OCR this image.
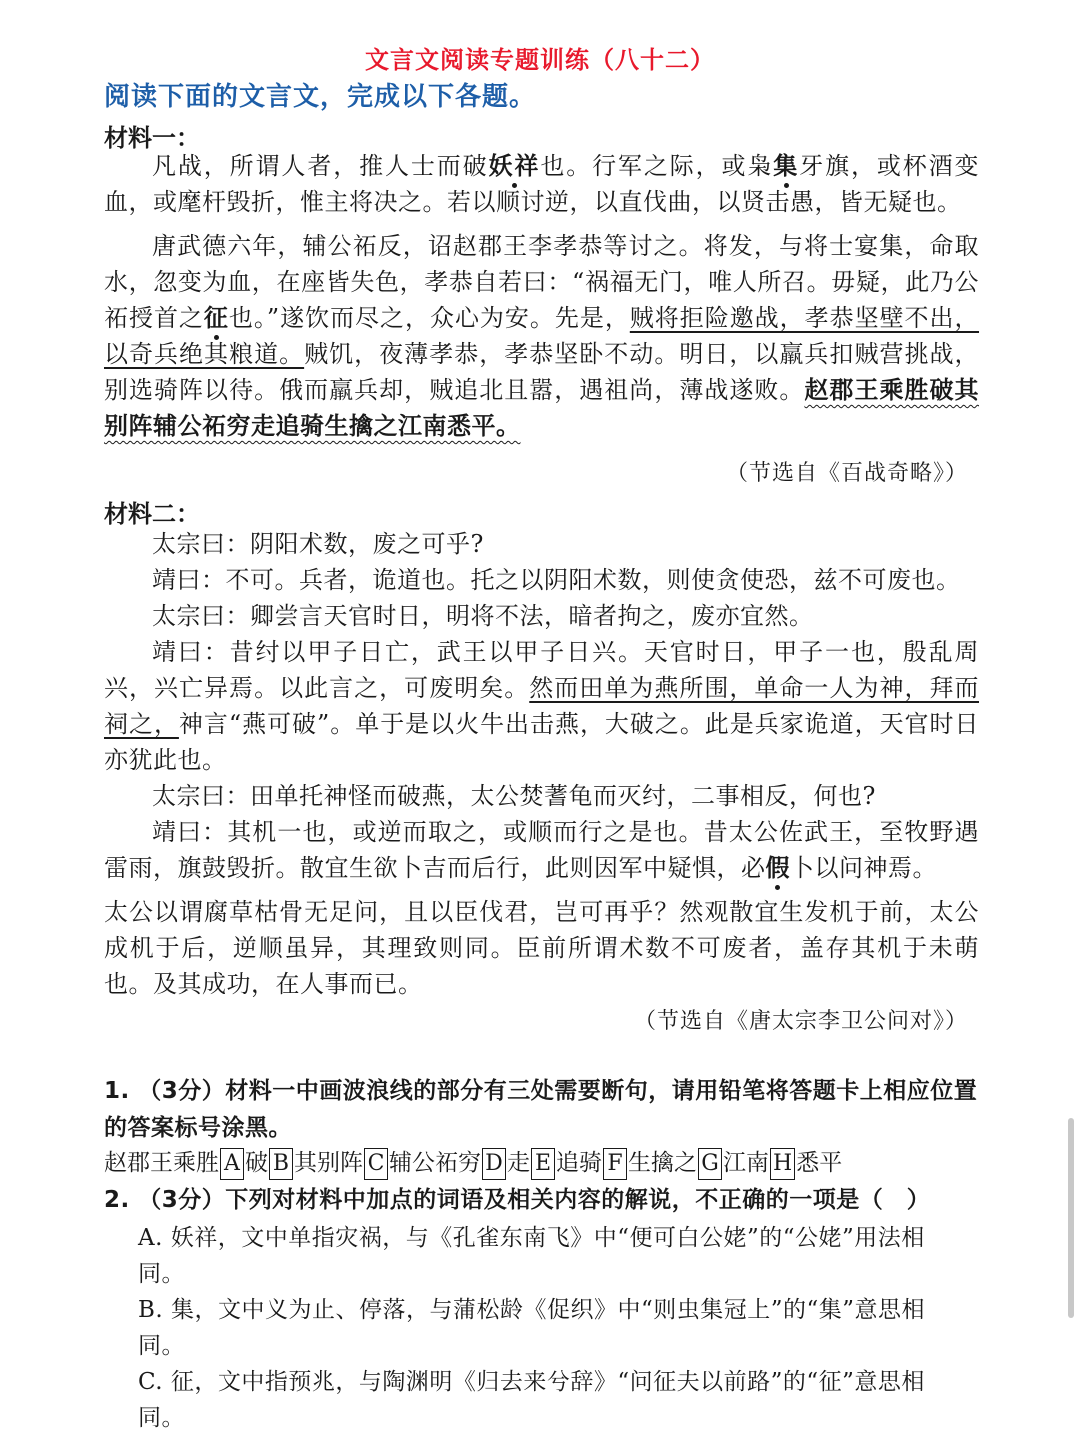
文言文阅读专题训练（八十二）
阅读下面的文言文，完成以下各题。
材料一：
凡战，所谓人者，推人士而破妖祥也。行军之际，或枭集牙旗，或杯酒变血，或麾杆毁折，惟主将决之。若以顺讨逆，以直伐曲，以贤击愚，皆无疑也。
唐武德六年，辅公祏反，诏赵郡王李孝恭等讨之。将发，与将士宴集，命取水，忽变为血，在座皆失色，孝恭自若曰：“祸福无门，唯人所召。毋疑，此乃公祏授首之征也。”遂饮而尽之，众心为安。先是，贼将拒险邀战，孝恭坚壁不出，以奇兵绝其粮道。贼饥，夜薄孝恭，孝恭坚卧不动。明日，以羸兵扣贼营挑战，别选骑阵以待。俄而羸兵却，贼追北且嚣，遇祖尚，薄战遂败。赵郡王乘胜破其别阵辅公祏穷走追骑生擒之江南悉平。
（节选自《百战奇略》）
材料二：
太宗曰：阴阳术数，废之可乎?
靖曰：不可。兵者，诡道也。托之以阴阳术数，则使贪使恐，兹不可废也。
太宗曰：卿尝言天官时日，明将不法，暗者拘之，废亦宜然。
靖曰：昔纣以甲子日亡，武王以甲子日兴。天官时日，甲子一也，殷乱周兴，兴亡异焉。以此言之，可废明矣。然而田单为燕所围，单命一人为神，拜而祠之，神言“燕可破”。单于是以火牛出击燕，大破之。此是兵家诡道，天官时日亦犹此也。
太宗曰：田单托神怪而破燕，太公焚蓍龟而灭纣，二事相反，何也?
靖曰：其机一也，或逆而取之，或顺而行之是也。昔太公佐武王，至牧野遇雷雨，旗鼓毁折。散宜生欲卜吉而后行，此则因军中疑惧，必假卜以问神焉。
太公以谓腐草枯骨无足问，且以臣伐君，岂可再乎？然观散宜生发机于前，太公成机于后，逆顺虽异，其理致则同。臣前所谓术数不可废者，盖存其机于未萌也。及其成功，在人事而已。
（节选自《唐太宗李卫公问对》）
1. （3分）材料一中画波浪线的部分有三处需要断句，请用铅笔将答题卡上相应位置的答案标号涂黑。
赵郡王乘胜 A 破 B 其别阵 C 辅公祏穷 D 走 E 追骑 F 生擒之 G 江南 H 悉平
2. （3分）下列对材料中加点的词语及相关内容的解说，不正确的一项是（　）
A. 妖祥，文中单指灾祸，与《孔雀东南飞》中“便可白公姥”的“公姥”用法相同。
B. 集，文中义为止、停落，与蒲松龄《促织》中“则虫集冠上”的“集”意思相同。
C. 征，文中指预兆，与陶渊明《归去来兮辞》“问征夫以前路”的“征”意思相同。
